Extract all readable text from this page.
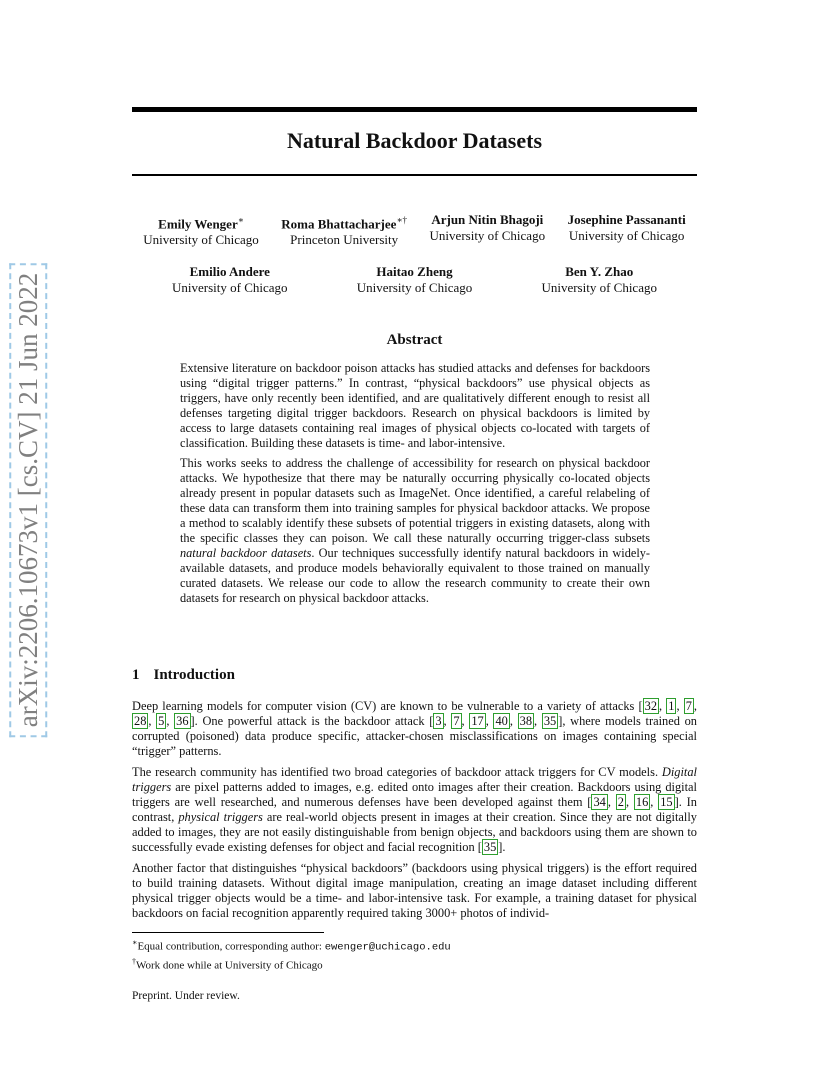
arXiv:2206.10673v1 [cs.CV] 21 Jun 2022
Natural Backdoor Datasets
Emily Wenger∗
University of Chicago
Roma Bhattacharjee∗†
Princeton University
Arjun Nitin Bhagoji
University of Chicago
Josephine Passananti
University of Chicago
Emilio Andere
University of Chicago
Haitao Zheng
University of Chicago
Ben Y. Zhao
University of Chicago
Abstract

Extensive literature on backdoor poison attacks has studied attacks and defenses for backdoors using “digital trigger patterns.” In contrast, “physical backdoors” use physical objects as triggers, have only recently been identified, and are qualitatively different enough to resist all defenses targeting digital trigger backdoors. Research on physical backdoors is limited by access to large datasets containing real images of physical objects co-located with targets of classification. Building these datasets is time- and labor-intensive.

This works seeks to address the challenge of accessibility for research on physical backdoor attacks. We hypothesize that there may be naturally occurring physically co-located objects already present in popular datasets such as ImageNet. Once identified, a careful relabeling of these data can transform them into training samples for physical backdoor attacks. We propose a method to scalably identify these subsets of potential triggers in existing datasets, along with the specific classes they can poison. We call these naturally occurring trigger-class subsets natural backdoor datasets. Our techniques successfully identify natural backdoors in widely-available datasets, and produce models behaviorally equivalent to those trained on manually curated datasets. We release our code to allow the research community to create their own datasets for research on physical backdoor attacks.

1 Introduction

Deep learning models for computer vision (CV) are known to be vulnerable to a variety of attacks [ 32 , 1 , 7 , 28 , 5 , 36 ]. One powerful attack is the backdoor attack [ 3 , 7 , 17 , 40 , 38 , 35 ], where models trained on corrupted (poisoned) data produce specific, attacker-chosen misclassifications on images containing special “trigger” patterns.

The research community has identified two broad categories of backdoor attack triggers for CV models. Digital triggers are pixel patterns added to images, e.g. edited onto images after their creation. Backdoors using digital triggers are well researched, and numerous defenses have been developed against them [ 34 , 2 , 16 , 15 ]. In contrast, physical triggers are real-world objects present in images at their creation. Since they are not digitally added to images, they are not easily distinguishable from benign objects, and backdoors using them are shown to successfully evade existing defenses for object and facial recognition [ 35 ].

Another factor that distinguishes “physical backdoors” (backdoors using physical triggers) is the effort required to build training datasets. Without digital image manipulation, creating an image dataset including different physical trigger objects would be a time- and labor-intensive task. For example, a training dataset for physical backdoors on facial recognition apparently required taking 3000+ photos of individ-

∗Equal contribution, corresponding author: ewenger@uchicago.edu
†Work done while at University of Chicago
Preprint. Under review.
